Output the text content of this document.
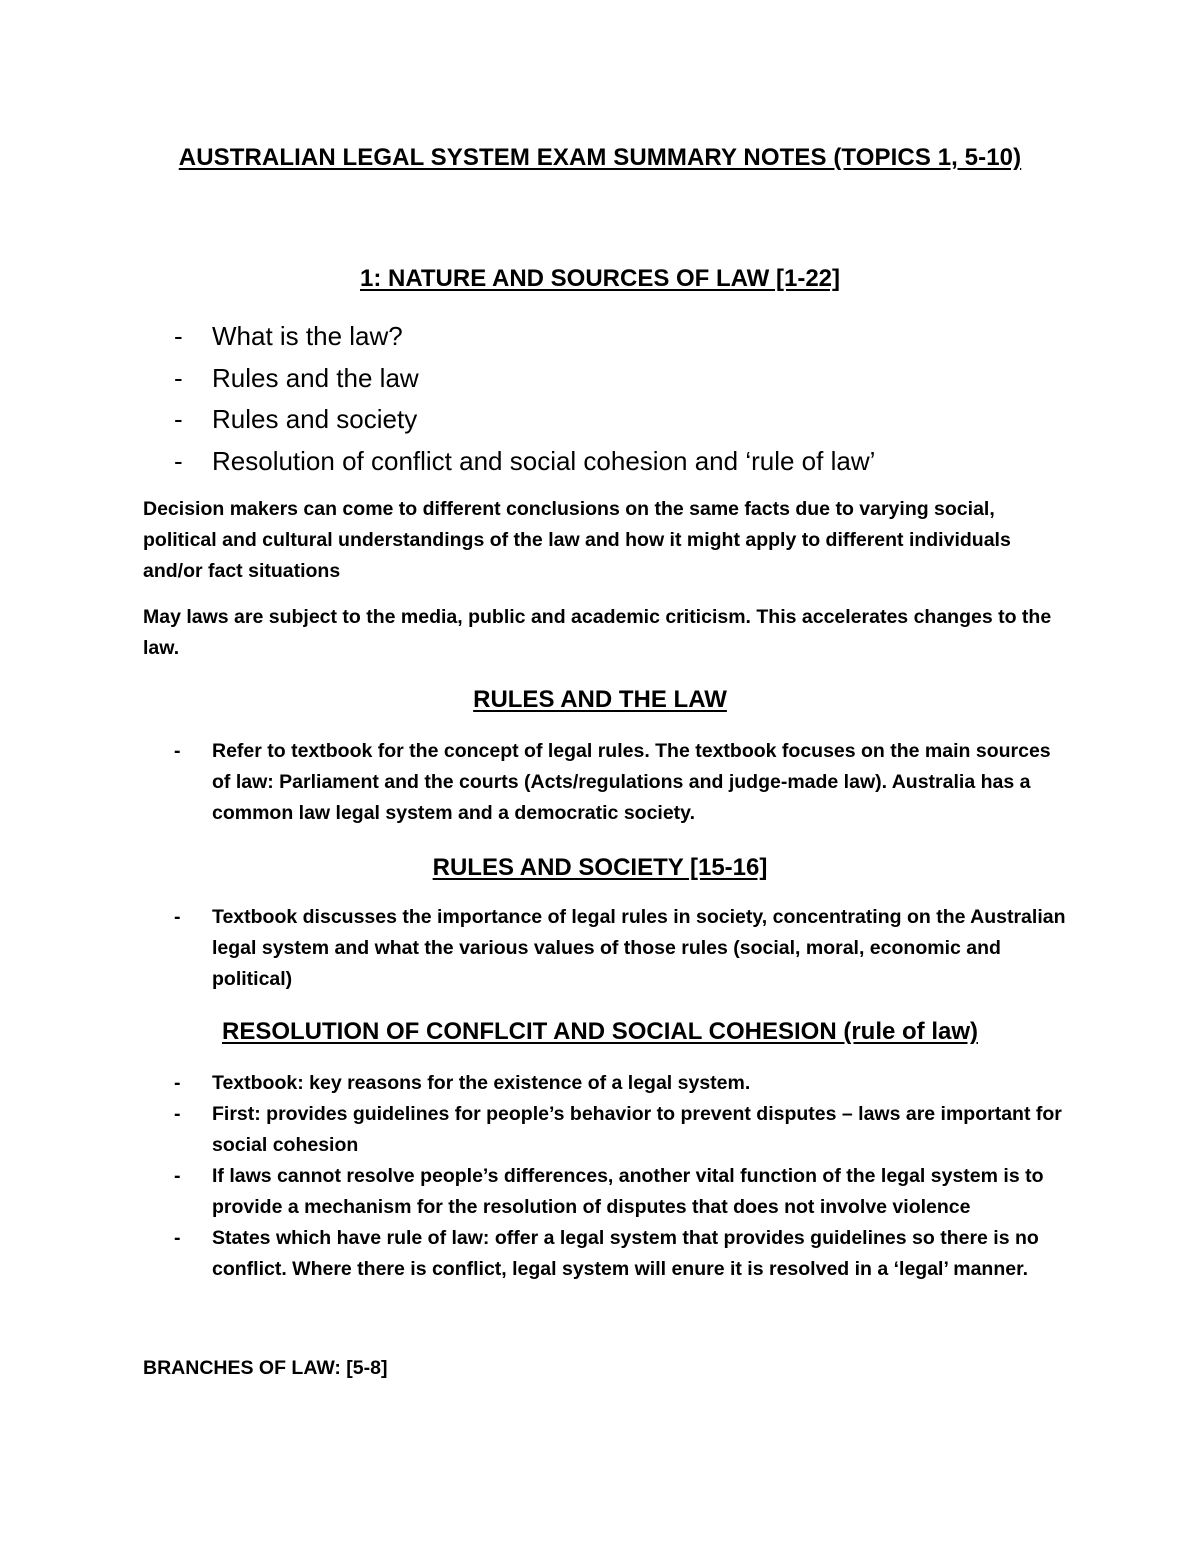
AUSTRALIAN LEGAL SYSTEM EXAM SUMMARY NOTES (TOPICS 1, 5-10)
1: NATURE AND SOURCES OF LAW [1-22]
- What is the law?
- Rules and the law
- Rules and society
- Resolution of conflict and social cohesion and ‘rule of law’

Decision makers can come to different conclusions on the same facts due to varying social, political and cultural understandings of the law and how it might apply to different individuals and/or fact situations

May laws are subject to the media, public and academic criticism. This accelerates changes to the law.

RULES AND THE LAW
- Refer to textbook for the concept of legal rules. The textbook focuses on the main sources of law: Parliament and the courts (Acts/regulations and judge-made law). Australia has a common law legal system and a democratic society.
RULES AND SOCIETY [15-16]
- Textbook discusses the importance of legal rules in society, concentrating on the Australian legal system and what the various values of those rules (social, moral, economic and political)
RESOLUTION OF CONFLCIT AND SOCIAL COHESION (rule of law)
- Textbook: key reasons for the existence of a legal system.
- First: provides guidelines for people’s behavior to prevent disputes – laws are important for social cohesion
- If laws cannot resolve people’s differences, another vital function of the legal system is to provide a mechanism for the resolution of disputes that does not involve violence
- States which have rule of law: offer a legal system that provides guidelines so there is no conflict. Where there is conflict, legal system will enure it is resolved in a ‘legal’ manner.
BRANCHES OF LAW: [5-8]
